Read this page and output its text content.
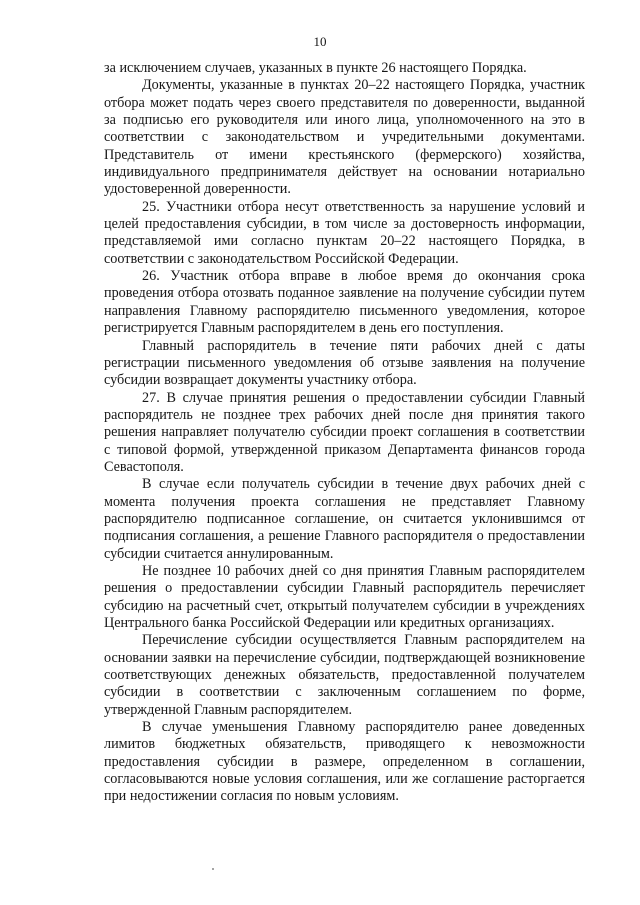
10

за исключением случаев, указанных в пункте 26 настоящего Порядка.

Документы, указанные в пунктах 20–22 настоящего Порядка, участник отбора может подать через своего представителя по доверенности, выданной за подписью его руководителя или иного лица, уполномоченного на это в соответствии с законодательством и учредительными документами. Представитель от имени крестьянского (фермерского) хозяйства, индивидуального предпринимателя действует на основании нотариально удостоверенной доверенности.

25. Участники отбора несут ответственность за нарушение условий и целей предоставления субсидии, в том числе за достоверность информации, представляемой ими согласно пунктам 20–22 настоящего Порядка, в соответствии с законодательством Российской Федерации.

26. Участник отбора вправе в любое время до окончания срока проведения отбора отозвать поданное заявление на получение субсидии путем направления Главному распорядителю письменного уведомления, которое регистрируется Главным распорядителем в день его поступления.

Главный распорядитель в течение пяти рабочих дней с даты регистрации письменного уведомления об отзыве заявления на получение субсидии возвращает документы участнику отбора.

27. В случае принятия решения о предоставлении субсидии Главный распорядитель не позднее трех рабочих дней после дня принятия такого решения направляет получателю субсидии проект соглашения в соответствии с типовой формой, утвержденной приказом Департамента финансов города Севастополя.

В случае если получатель субсидии в течение двух рабочих дней с момента получения проекта соглашения не представляет Главному распорядителю подписанное соглашение, он считается уклонившимся от подписания соглашения, а решение Главного распорядителя о предоставлении субсидии считается аннулированным.

Не позднее 10 рабочих дней со дня принятия Главным распорядителем решения о предоставлении субсидии Главный распорядитель перечисляет субсидию на расчетный счет, открытый получателем субсидии в учреждениях Центрального банка Российской Федерации или кредитных организациях.

Перечисление субсидии осуществляется Главным распорядителем на основании заявки на перечисление субсидии, подтверждающей возникновение соответствующих денежных обязательств, предоставленной получателем субсидии в соответствии с заключенным соглашением по форме, утвержденной Главным распорядителем.

В случае уменьшения Главному распорядителю ранее доведенных лимитов бюджетных обязательств, приводящего к невозможности предоставления субсидии в размере, определенном в соглашении, согласовываются новые условия соглашения, или же соглашение расторгается при недостижении согласия по новым условиям.
